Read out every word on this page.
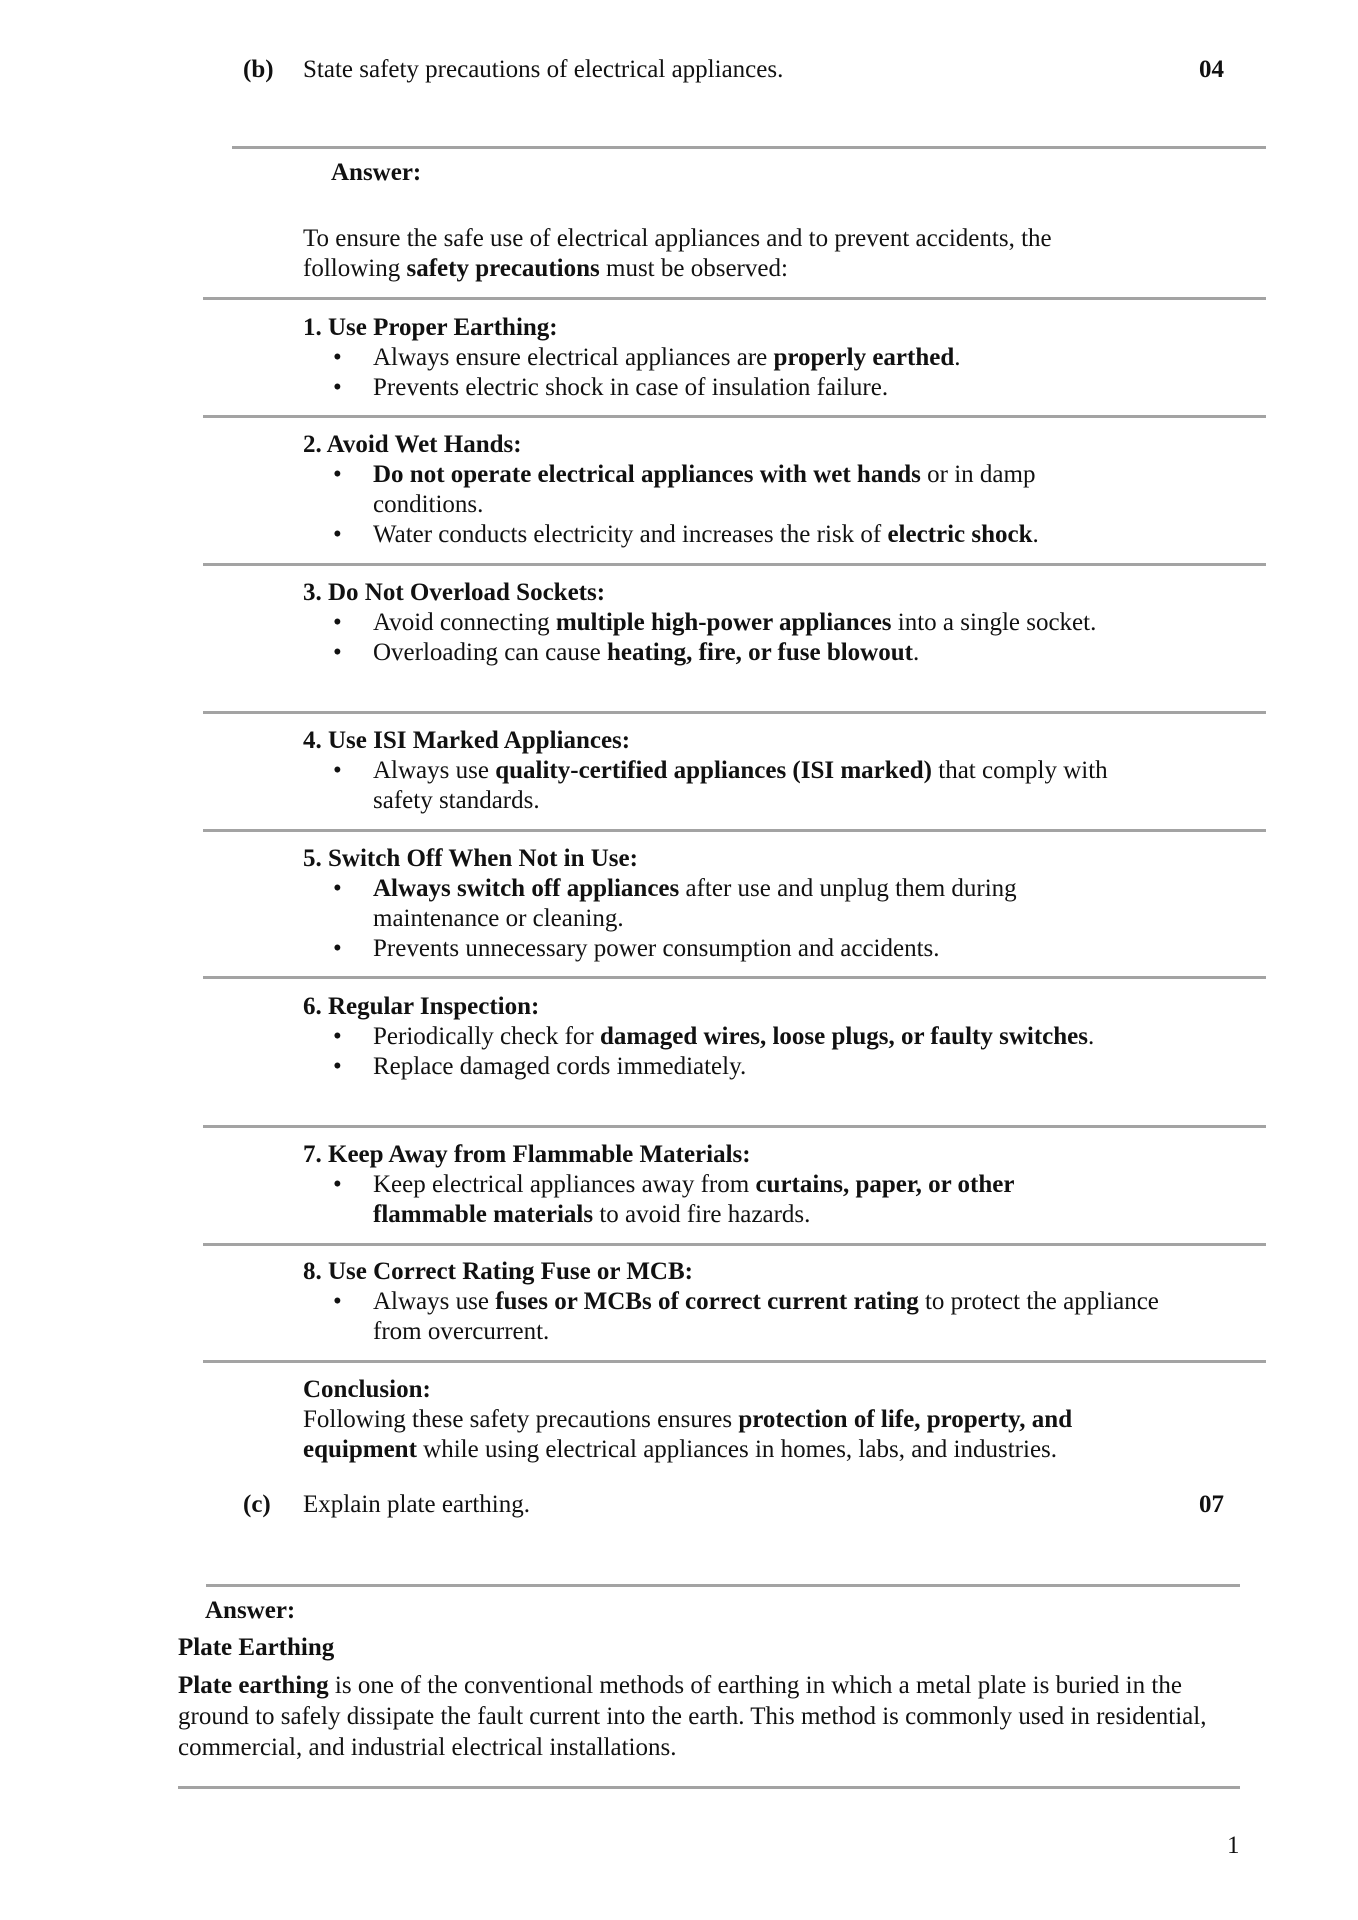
(b) State safety precautions of electrical appliances.	04
Answer:
To ensure the safe use of electrical appliances and to prevent accidents, the
following safety precautions must be observed:
1. Use Proper Earthing:
• Always ensure electrical appliances are properly earthed.
• Prevents electric shock in case of insulation failure.
2. Avoid Wet Hands:
• Do not operate electrical appliances with wet hands or in damp conditions.
• Water conducts electricity and increases the risk of electric shock.
3. Do Not Overload Sockets:
• Avoid connecting multiple high-power appliances into a single socket.
• Overloading can cause heating, fire, or fuse blowout.
4. Use ISI Marked Appliances:
• Always use quality-certified appliances (ISI marked) that comply with safety standards.
5. Switch Off When Not in Use:
• Always switch off appliances after use and unplug them during maintenance or cleaning.
• Prevents unnecessary power consumption and accidents.
6. Regular Inspection:
• Periodically check for damaged wires, loose plugs, or faulty switches.
• Replace damaged cords immediately.
7. Keep Away from Flammable Materials:
• Keep electrical appliances away from curtains, paper, or other flammable materials to avoid fire hazards.
8. Use Correct Rating Fuse or MCB:
• Always use fuses or MCBs of correct current rating to protect the appliance from overcurrent.
Conclusion:
Following these safety precautions ensures protection of life, property, and equipment while using electrical appliances in homes, labs, and industries.
(c) Explain plate earthing.	07
Answer:
Plate Earthing
Plate earthing is one of the conventional methods of earthing in which a metal plate is buried in the ground to safely dissipate the fault current into the earth. This method is commonly used in residential, commercial, and industrial electrical installations.
1
